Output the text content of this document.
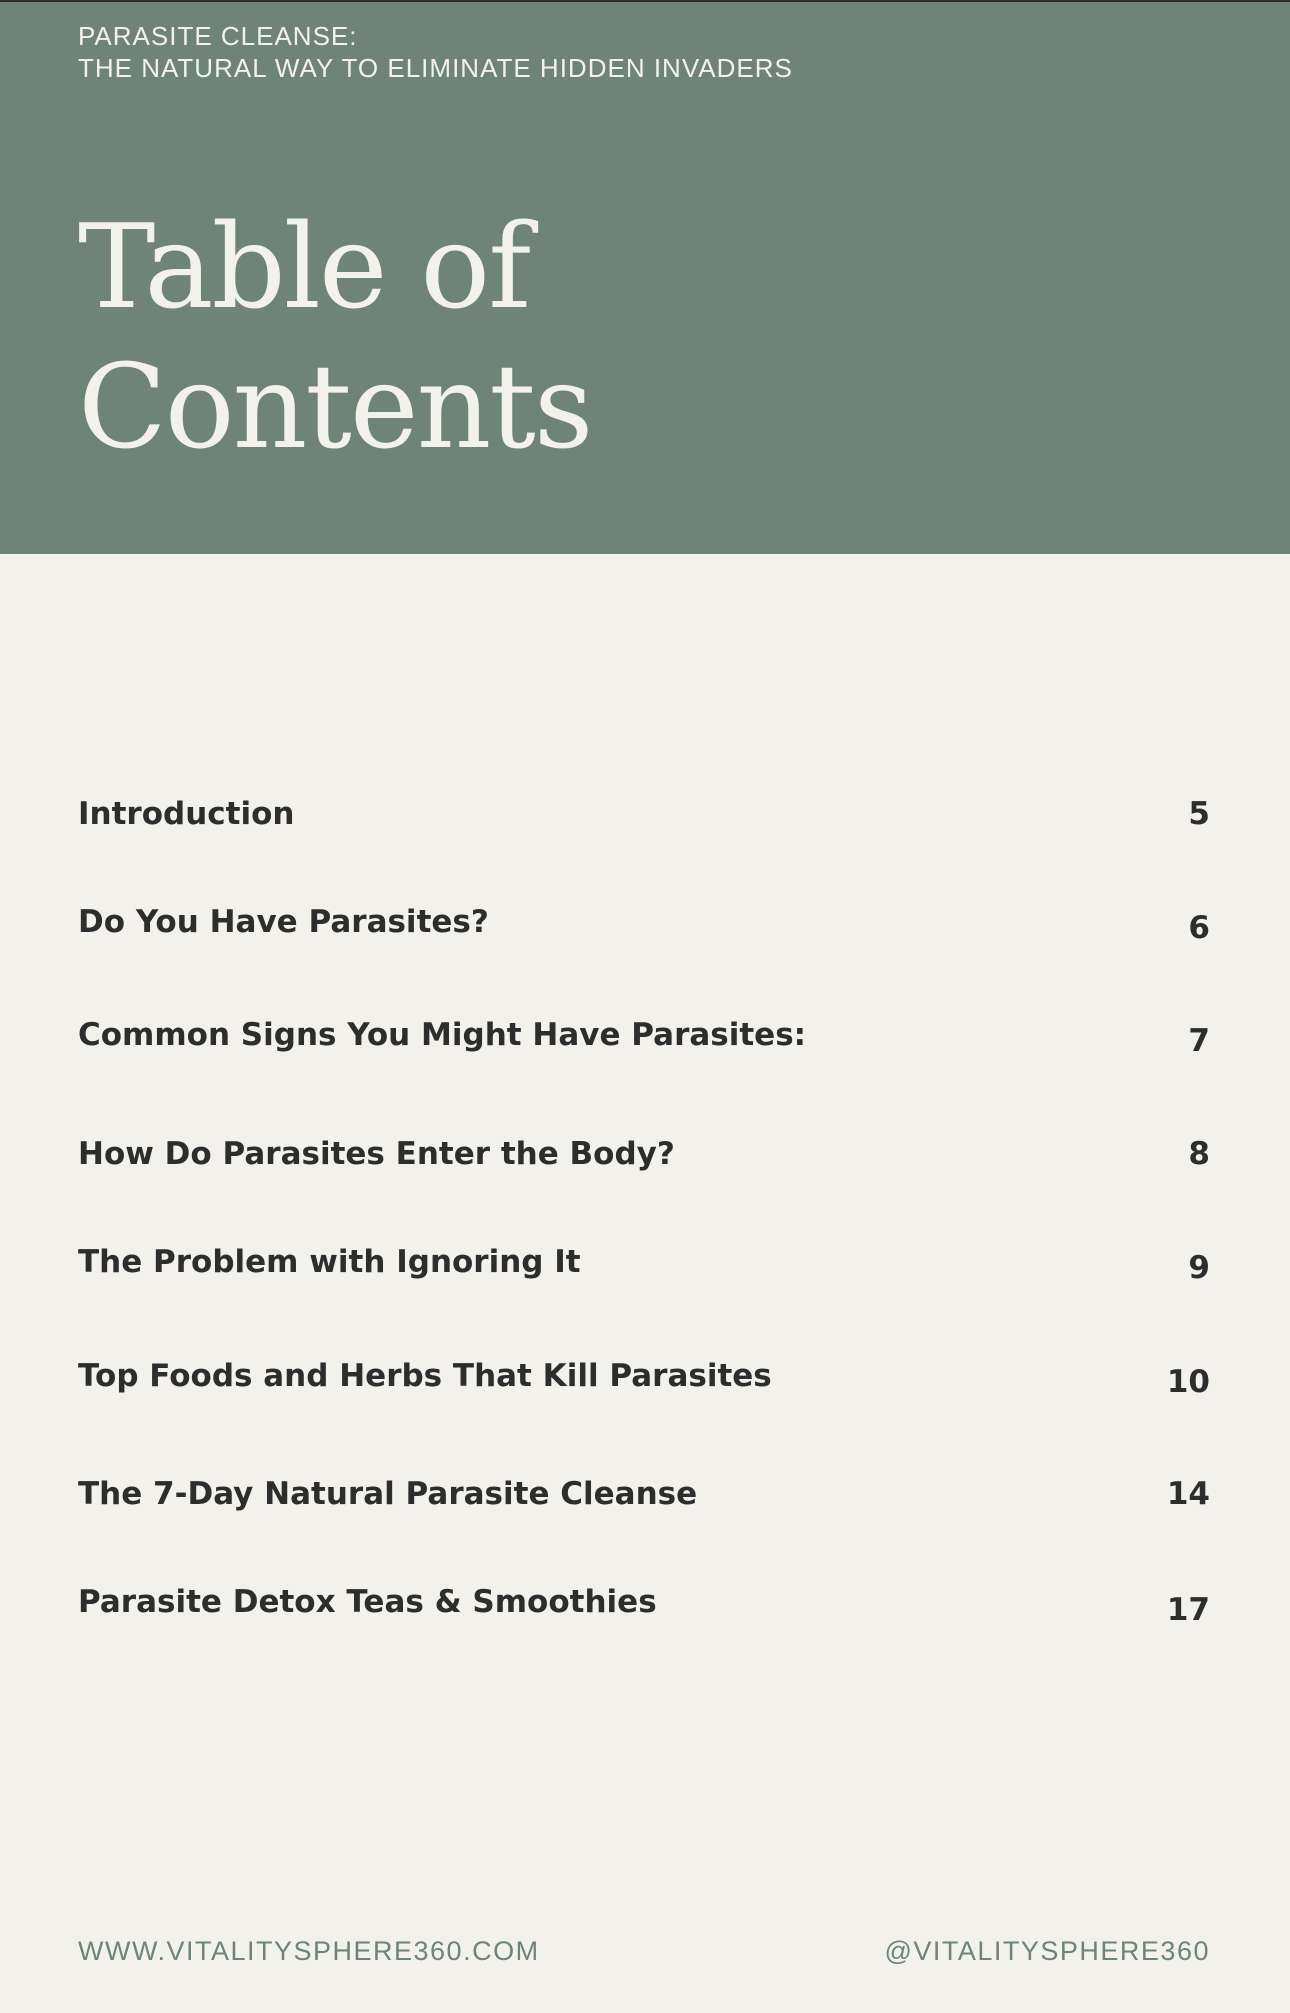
PARASITE CLEANSE:
THE NATURAL WAY TO ELIMINATE HIDDEN INVADERS
Table of
Contents
Introduction	5
Do You Have Parasites?	6
Common Signs You Might Have Parasites:	7
How Do Parasites Enter the Body?	8
The Problem with Ignoring It	9
Top Foods and Herbs That Kill Parasites	10
The 7-Day Natural Parasite Cleanse	14
Parasite Detox Teas & Smoothies	17
WWW.VITALITYSPHERE360.COM	@VITALITYSPHERE360
